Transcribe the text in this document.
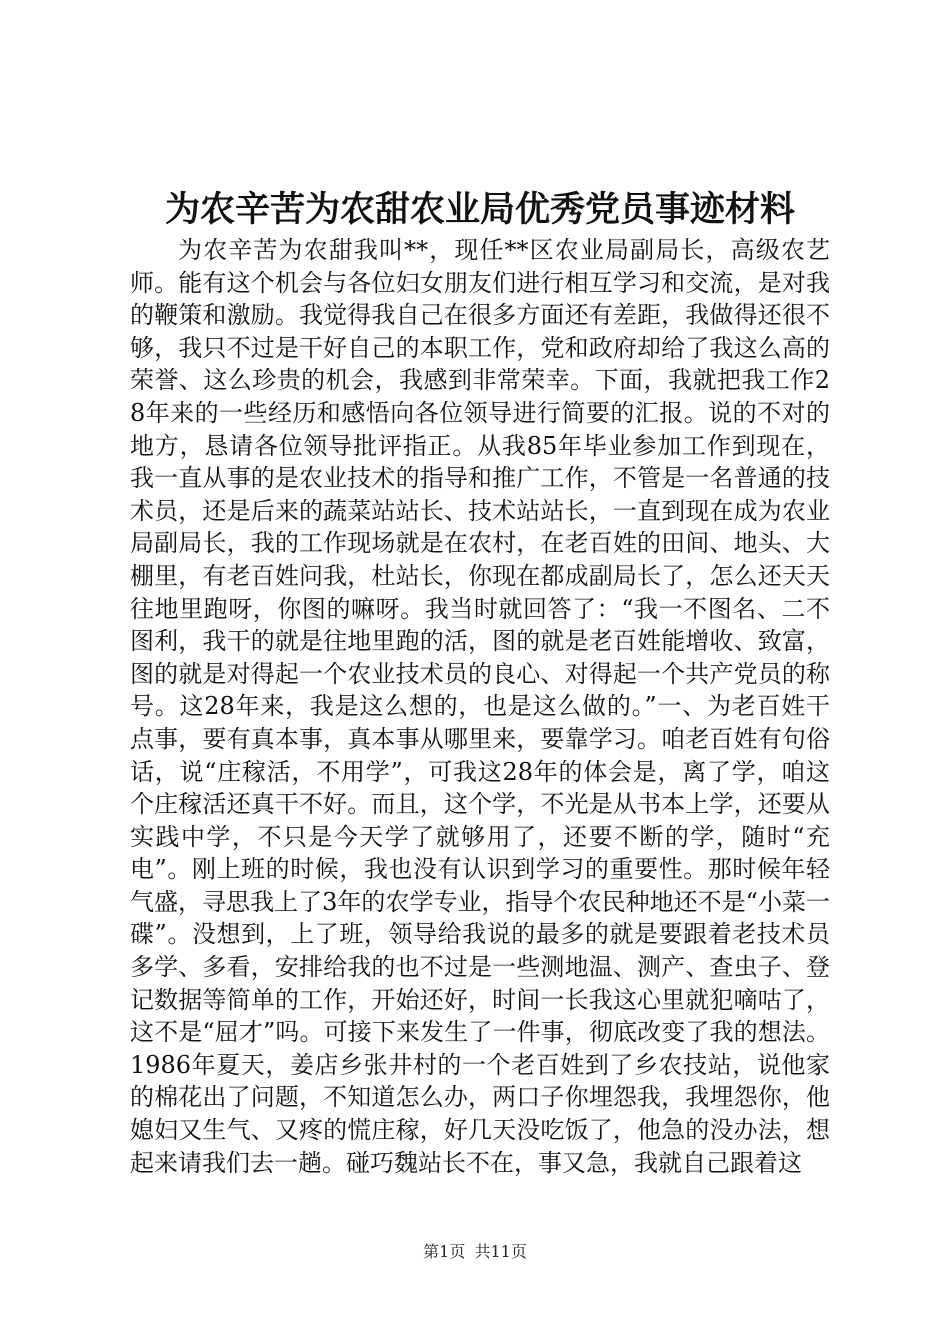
为农辛苦为农甜农业局优秀党员事迹材料

为农辛苦为农甜我叫**，现任**区农业局副局长，高级农艺师。能有这个机会与各位妇女朋友们进行相互学习和交流，是对我的鞭策和激励。我觉得我自己在很多方面还有差距，我做得还很不够，我只不过是干好自己的本职工作，党和政府却给了我这么高的荣誉、这么珍贵的机会，我感到非常荣幸。下面，我就把我工作28年来的一些经历和感悟向各位领导进行简要的汇报。说的不对的地方，恳请各位领导批评指正。从我85年毕业参加工作到现在，我一直从事的是农业技术的指导和推广工作，不管是一名普通的技术员，还是后来的蔬菜站站长、技术站站长，一直到现在成为农业局副局长，我的工作现场就是在农村，在老百姓的田间、地头、大棚里，有老百姓问我，杜站长，你现在都成副局长了，怎么还天天往地里跑呀，你图的嘛呀。我当时就回答了：“我一不图名、二不图利，我干的就是往地里跑的活，图的就是老百姓能增收、致富，图的就是对得起一个农业技术员的良心、对得起一个共产党员的称号。这28年来，我是这么想的，也是这么做的。”一、为老百姓干点事，要有真本事，真本事从哪里来，要靠学习。咱老百姓有句俗话，说“庄稼活，不用学”，可我这28年的体会是，离了学，咱这个庄稼活还真干不好。而且，这个学，不光是从书本上学，还要从实践中学，不只是今天学了就够用了，还要不断的学，随时“充电”。刚上班的时候，我也没有认识到学习的重要性。那时候年轻气盛，寻思我上了3年的农学专业，指导个农民种地还不是“小菜一碟”。没想到，上了班，领导给我说的最多的就是要跟着老技术员多学、多看，安排给我的也不过是一些测地温、测产、查虫子、登记数据等简单的工作，开始还好，时间一长我这心里就犯嘀咕了，这不是“屈才”吗。可接下来发生了一件事，彻底改变了我的想法。1986年夏天，姜店乡张井村的一个老百姓到了乡农技站，说他家的棉花出了问题，不知道怎么办，两口子你埋怨我，我埋怨你，他媳妇又生气、又疼的慌庄稼，好几天没吃饭了，他急的没办法，想起来请我们去一趟。碰巧魏站长不在，事又急，我就自己跟着这

第1页 共11页
